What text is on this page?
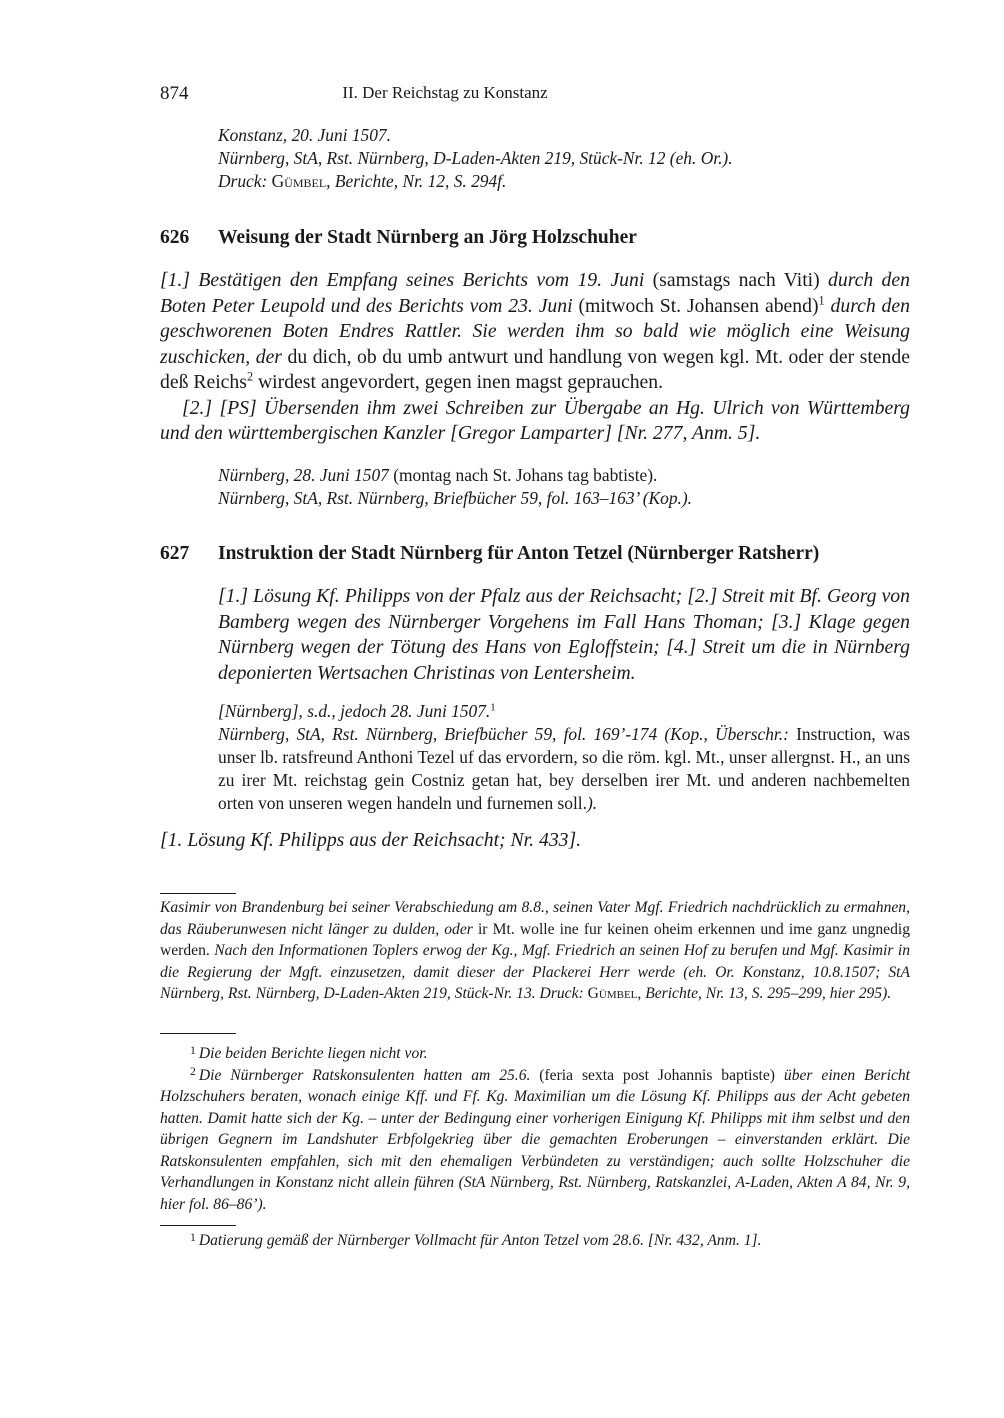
874	II. Der Reichstag zu Konstanz
Konstanz, 20. Juni 1507.
Nürnberg, StA, Rst. Nürnberg, D-Laden-Akten 219, Stück-Nr. 12 (eh. Or.).
Druck: Gümbel, Berichte, Nr. 12, S. 294f.
626 Weisung der Stadt Nürnberg an Jörg Holzschuher

[1.] Bestätigen den Empfang seines Berichts vom 19. Juni (samstags nach Viti) durch den Boten Peter Leupold und des Berichts vom 23. Juni (mitwoch St. Johansen abend)$^1$ durch den geschworenen Boten Endres Rattler. Sie werden ihm so bald wie möglich eine Weisung zuschicken, der du dich, ob du umb antwurt und handlung von wegen kgl. Mt. oder der stende deß Reichs$^2$ wirdest angevordert, gegen inen magst geprauchen.

[2.] [PS] Übersenden ihm zwei Schreiben zur Übergabe an Hg. Ulrich von Württemberg und den württembergischen Kanzler [Gregor Lamparter] [Nr. 277, Anm. 5].

Nürnberg, 28. Juni 1507 (montag nach St. Johans tag babtiste).
Nürnberg, StA, Rst. Nürnberg, Briefbücher 59, fol. 163–163’ (Kop.).
627 Instruktion der Stadt Nürnberg für Anton Tetzel (Nürnberger Ratsherr)
[1.] Lösung Kf. Philipps von der Pfalz aus der Reichsacht; [2.] Streit mit Bf. Georg von Bamberg wegen des Nürnberger Vorgehens im Fall Hans Thoman; [3.] Klage gegen Nürnberg wegen der Tötung des Hans von Egloffstein; [4.] Streit um die in Nürnberg deponierten Wertsachen Christinas von Lentersheim.
[Nürnberg], s.d., jedoch 28. Juni 1507.$^1$
Nürnberg, StA, Rst. Nürnberg, Briefbücher 59, fol. 169’-174 (Kop., Überschr.: Instruction, was unser lb. ratsfreund Anthoni Tezel uf das ervordern, so die röm. kgl. Mt., unser allergnst. H., an uns zu irer Mt. reichstag gein Costniz getan hat, bey derselben irer Mt. und anderen nachbemelten orten von unseren wegen handeln und furnemen soll.).
[1. Lösung Kf. Philipps aus der Reichsacht; Nr. 433].

Kasimir von Brandenburg bei seiner Verabschiedung am 8.8., seinen Vater Mgf. Friedrich nachdrücklich zu ermahnen, das Räuberunwesen nicht länger zu dulden, oder ir Mt. wolle ine fur keinen oheim erkennen und ime ganz ungnedig werden. Nach den Informationen Toplers erwog der Kg., Mgf. Friedrich an seinen Hof zu berufen und Mgf. Kasimir in die Regierung der Mgft. einzusetzen, damit dieser der Plackerei Herr werde (eh. Or. Konstanz, 10.8.1507; StA Nürnberg, Rst. Nürnberg, D-Laden-Akten 219, Stück-Nr. 13. Druck: Gümbel, Berichte, Nr. 13, S. 295–299, hier 295).

$^1$ Die beiden Berichte liegen nicht vor.

$^2$ Die Nürnberger Ratskonsulenten hatten am 25.6. (feria sexta post Johannis baptiste) über einen Bericht Holzschuhers beraten, wonach einige Kff. und Ff. Kg. Maximilian um die Lösung Kf. Philipps aus der Acht gebeten hatten. Damit hatte sich der Kg. – unter der Bedingung einer vorherigen Einigung Kf. Philipps mit ihm selbst und den übrigen Gegnern im Landshuter Erbfolgekrieg über die gemachten Eroberungen – einverstanden erklärt. Die Ratskonsulenten empfahlen, sich mit den ehemaligen Verbündeten zu verständigen; auch sollte Holzschuher die Verhandlungen in Konstanz nicht allein führen (StA Nürnberg, Rst. Nürnberg, Ratskanzlei, A-Laden, Akten A 84, Nr. 9, hier fol. 86–86’).

$^1$ Datierung gemäß der Nürnberger Vollmacht für Anton Tetzel vom 28.6. [Nr. 432, Anm. 1].
